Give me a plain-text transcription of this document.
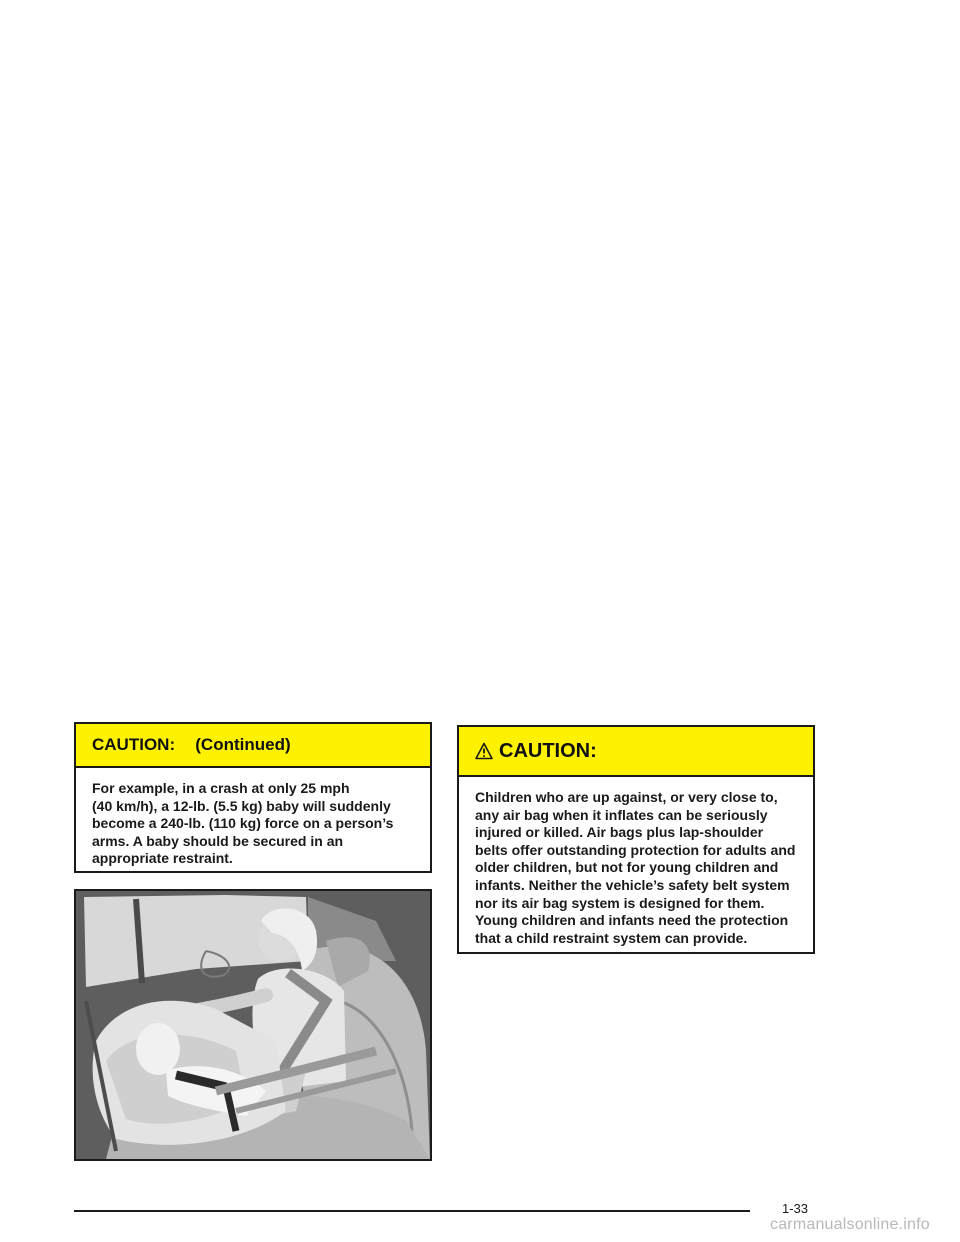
CAUTION:   (Continued)
For example, in a crash at only 25 mph
(40 km/h), a 12-lb. (5.5 kg) baby will suddenly
become a 240-lb. (110 kg) force on a person’s
arms. A baby should be secured in an
appropriate restraint.
CAUTION:
Children who are up against, or very close to,
any air bag when it inflates can be seriously
injured or killed. Air bags plus lap-shoulder
belts offer outstanding protection for adults and
older children, but not for young children and
infants. Neither the vehicle’s safety belt system
nor its air bag system is designed for them.
Young children and infants need the protection
that a child restraint system can provide.
1-33
carmanualsonline.info
